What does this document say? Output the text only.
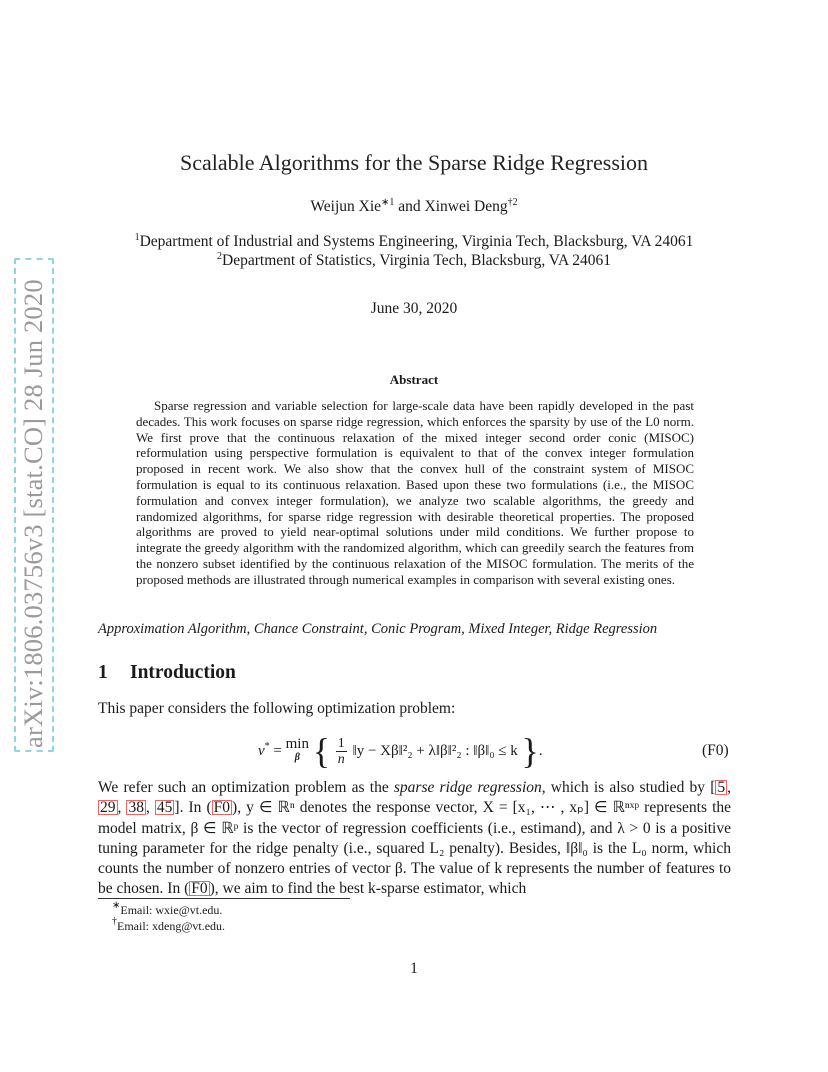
arXiv:1806.03756v3 [stat.CO] 28 Jun 2020
Scalable Algorithms for the Sparse Ridge Regression
Weijun Xie$^{∗1}$ and Xinwei Deng$^{\dagger 2}$
$^1$Department of Industrial and Systems Engineering, Virginia Tech, Blacksburg, VA 24061
$^2$Department of Statistics, Virginia Tech, Blacksburg, VA 24061
June 30, 2020
Abstract
Sparse regression and variable selection for large-scale data have been rapidly developed in the past decades. This work focuses on sparse ridge regression, which enforces the sparsity by use of the L0 norm. We first prove that the continuous relaxation of the mixed integer second order conic (MISOC) reformulation using perspective formulation is equivalent to that of the convex integer formulation proposed in recent work. We also show that the convex hull of the constraint system of MISOC formulation is equal to its continuous relaxation. Based upon these two formulations (i.e., the MISOC formulation and convex integer formulation), we analyze two scalable algorithms, the greedy and randomized algorithms, for sparse ridge regression with desirable theoretical properties. The proposed algorithms are proved to yield near-optimal solutions under mild conditions. We further propose to integrate the greedy algorithm with the randomized algorithm, which can greedily search the features from the nonzero subset identified by the continuous relaxation of the MISOC formulation. The merits of the proposed methods are illustrated through numerical examples in comparison with several existing ones.
Approximation Algorithm, Chance Constraint, Conic Program, Mixed Integer, Ridge Regression
1 Introduction
This paper considers the following optimization problem:
v* = min
β { $\frac{1}{n}$ ‖y − Xβ‖²₂ + λ‖β‖²₂ : ‖β‖₀ ≤ k }.	(F0)
We refer such an optimization problem as the sparse ridge regression, which is also studied by [ 5 , 29 , 38 , 45 ]. In ( F0 ), y ∈ ℝⁿ denotes the response vector, X = [x₁, ⋯ , xₚ] ∈ ℝⁿˣᵖ represents the model matrix, β ∈ ℝᵖ is the vector of regression coefficients (i.e., estimand), and λ > 0 is a positive tuning parameter for the ridge penalty (i.e., squared L₂ penalty). Besides, ‖β‖₀ is the L₀ norm, which counts the number of nonzero entries of vector β. The value of k represents the number of features to be chosen. In ( F0 ), we aim to find the best k-sparse estimator, which
∗Email: wxie@vt.edu.
†Email: xdeng@vt.edu.
1
